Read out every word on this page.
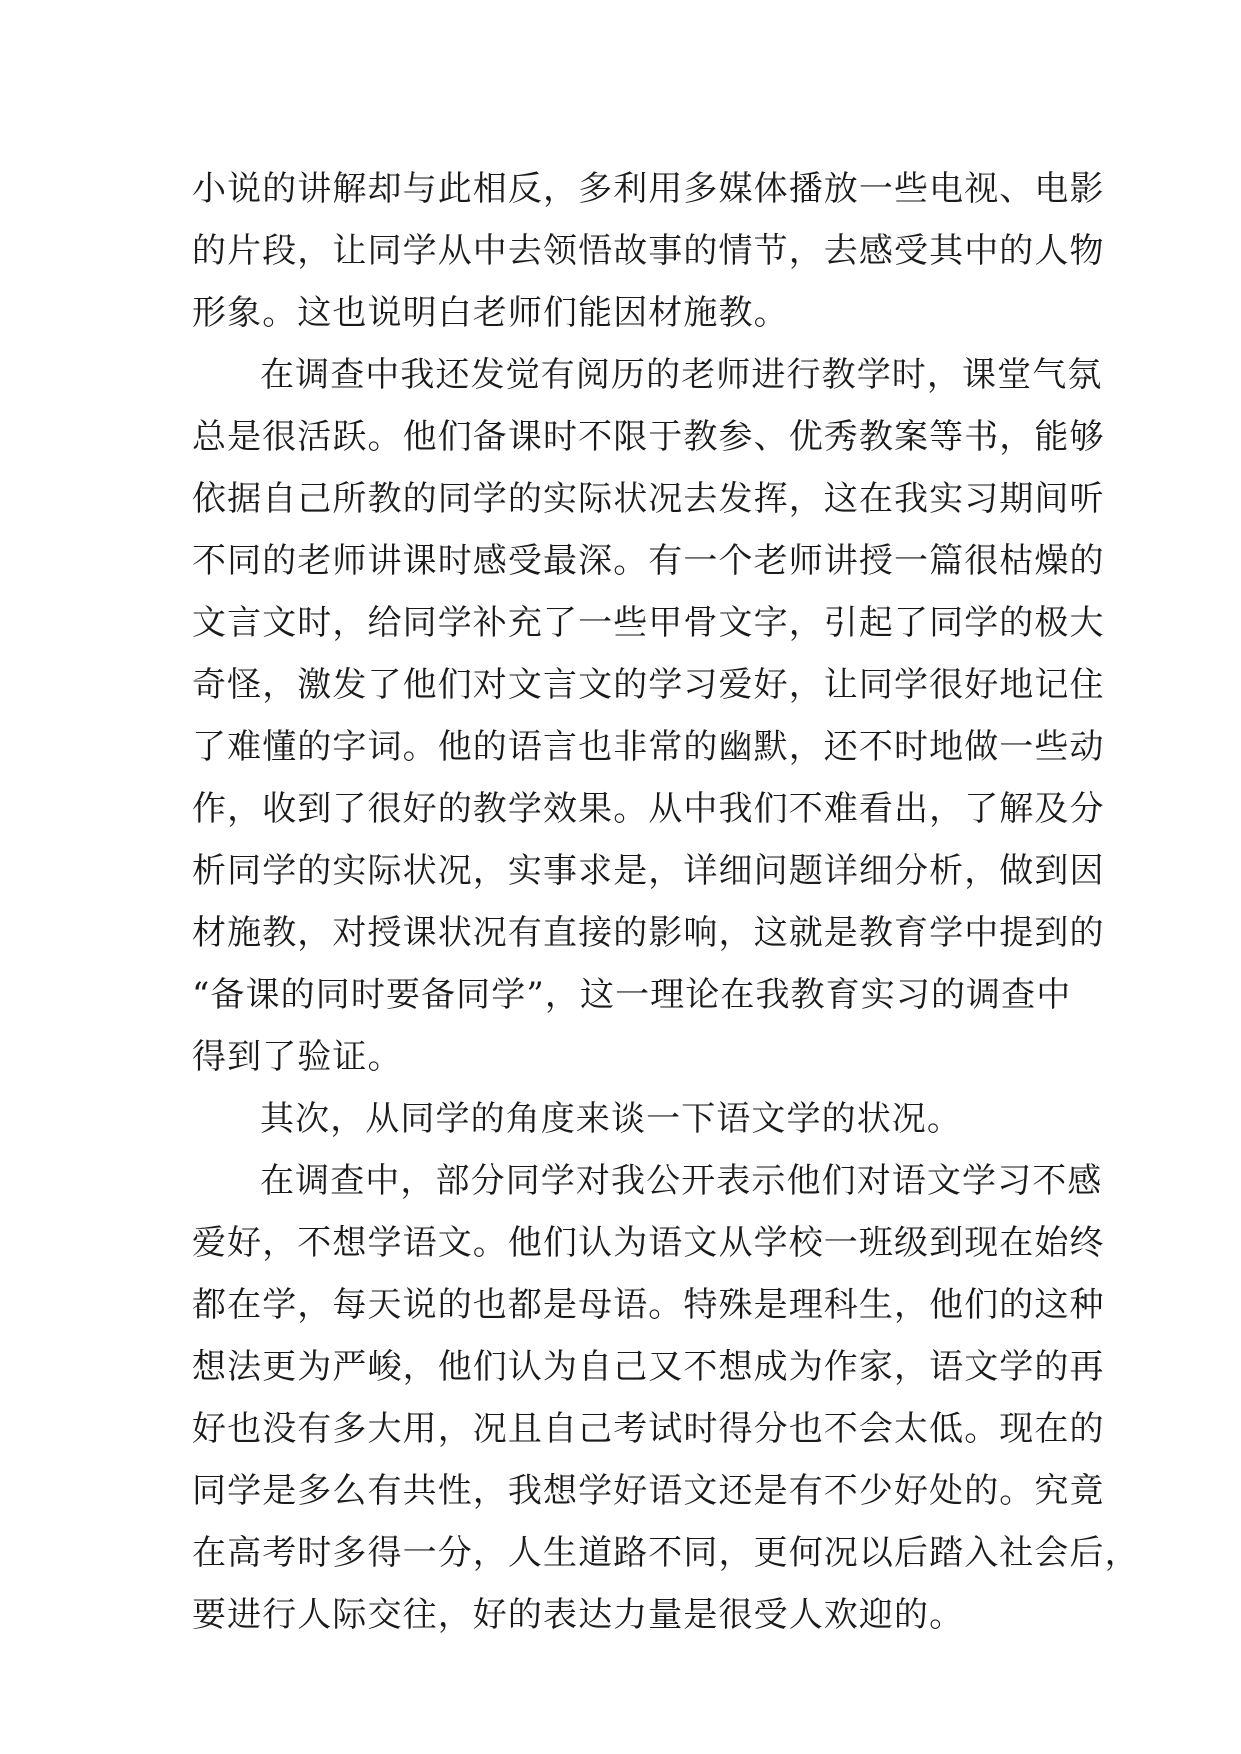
小说的讲解却与此相反，多利用多媒体播放一些电视、电影
的片段，让同学从中去领悟故事的情节，去感受其中的人物
形象。这也说明白老师们能因材施教。
在调查中我还发觉有阅历的老师进行教学时，课堂气氛
总是很活跃。他们备课时不限于教参、优秀教案等书，能够
依据自己所教的同学的实际状况去发挥，这在我实习期间听
不同的老师讲课时感受最深。有一个老师讲授一篇很枯燥的
文言文时，给同学补充了一些甲骨文字，引起了同学的极大
奇怪，激发了他们对文言文的学习爱好，让同学很好地记住
了难懂的字词。他的语言也非常的幽默，还不时地做一些动
作，收到了很好的教学效果。从中我们不难看出，了解及分
析同学的实际状况，实事求是，详细问题详细分析，做到因
材施教，对授课状况有直接的影响，这就是教育学中提到的
“备课的同时要备同学”，这一理论在我教育实习的调查中
得到了验证。
其次，从同学的角度来谈一下语文学的状况。
在调查中，部分同学对我公开表示他们对语文学习不感
爱好，不想学语文。他们认为语文从学校一班级到现在始终
都在学，每天说的也都是母语。特殊是理科生，他们的这种
想法更为严峻，他们认为自己又不想成为作家，语文学的再
好也没有多大用，况且自己考试时得分也不会太低。现在的
同学是多么有共性，我想学好语文还是有不少好处的。究竟
在高考时多得一分，人生道路不同，更何况以后踏入社会后，
要进行人际交往，好的表达力量是很受人欢迎的。
